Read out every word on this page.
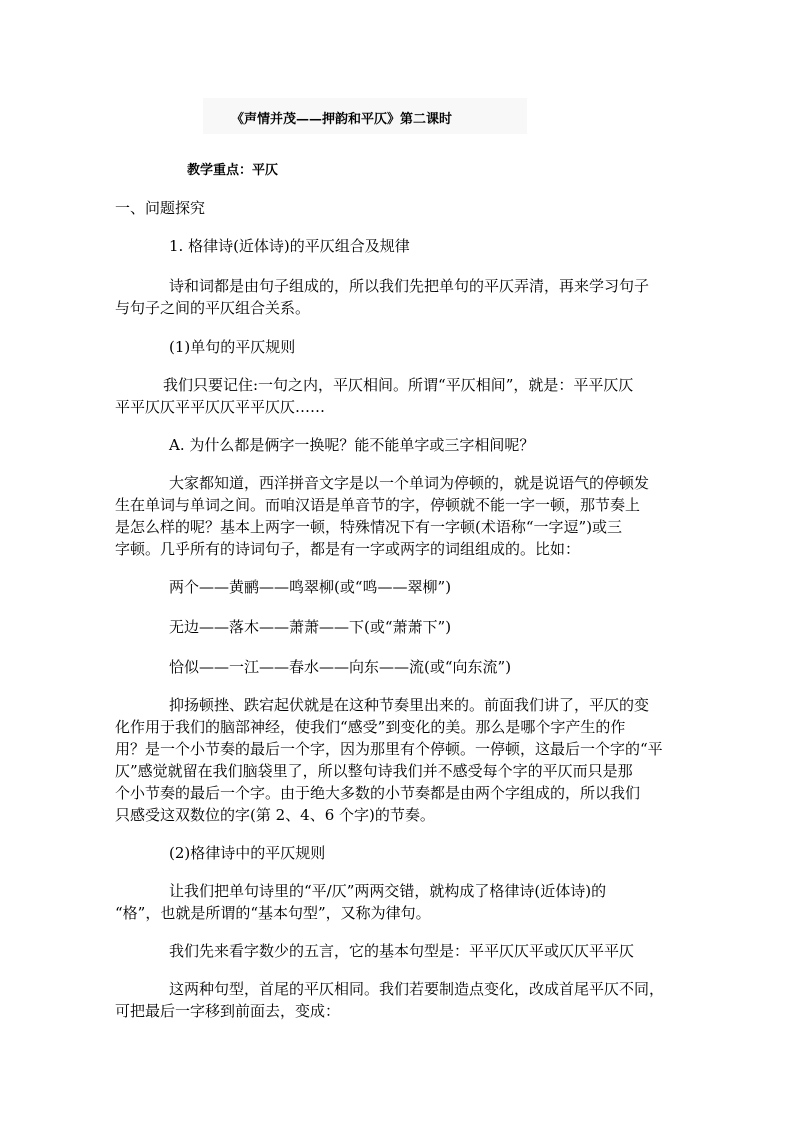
《声情并茂——押韵和平仄》第二课时
教学重点：平仄
一、问题探究
1. 格律诗(近体诗)的平仄组合及规律
诗和词都是由句子组成的，所以我们先把单句的平仄弄清，再来学习句子
与句子之间的平仄组合关系。
(1)单句的平仄规则
我们只要记住:一句之内，平仄相间。所谓“平仄相间”，就是：平平仄仄
平平仄仄平平仄仄平平仄仄……
A. 为什么都是俩字一换呢？能不能单字或三字相间呢？
大家都知道，西洋拼音文字是以一个单词为停顿的，就是说语气的停顿发
生在单词与单词之间。而咱汉语是单音节的字，停顿就不能一字一顿，那节奏上
是怎么样的呢？基本上两字一顿，特殊情况下有一字顿(术语称“一字逗”)或三
字顿。几乎所有的诗词句子，都是有一字或两字的词组组成的。比如：
两个——黄鹂——鸣翠柳(或“鸣——翠柳”)
无边——落木——萧萧——下(或“萧萧下”)
恰似——一江——春水——向东——流(或“向东流”)
抑扬顿挫、跌宕起伏就是在这种节奏里出来的。前面我们讲了，平仄的变
化作用于我们的脑部神经，使我们“感受”到变化的美。那么是哪个字产生的作
用？是一个小节奏的最后一个字，因为那里有个停顿。一停顿，这最后一个字的“平
仄”感觉就留在我们脑袋里了，所以整句诗我们并不感受每个字的平仄而只是那
个小节奏的最后一个字。由于绝大多数的小节奏都是由两个字组成的，所以我们
只感受这双数位的字(第 2、4、6 个字)的节奏。
(2)格律诗中的平仄规则
让我们把单句诗里的“平/仄”两两交错，就构成了格律诗(近体诗)的
“格”，也就是所谓的“基本句型”，又称为律句。
我们先来看字数少的五言，它的基本句型是：平平仄仄平或仄仄平平仄
这两种句型，首尾的平仄相同。我们若要制造点变化，改成首尾平仄不同，
可把最后一字移到前面去，变成：
